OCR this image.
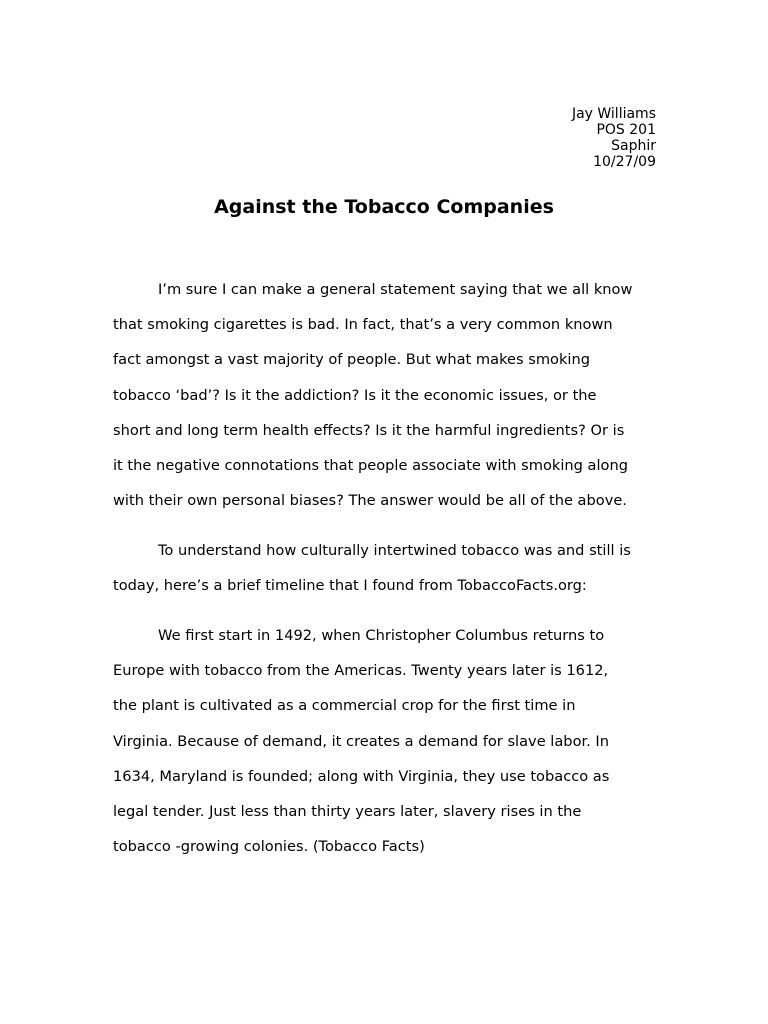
Jay Williams
POS 201
Saphir
10/27/09
Against the Tobacco Companies
I’m sure I can make a general statement saying that we all know
that smoking cigarettes is bad. In fact, that’s a very common known
fact amongst a vast majority of people. But what makes smoking
tobacco ‘bad’? Is it the addiction? Is it the economic issues, or the
short and long term health effects? Is it the harmful ingredients? Or is
it the negative connotations that people associate with smoking along
with their own personal biases? The answer would be all of the above.
To understand how culturally intertwined tobacco was and still is
today, here’s a brief timeline that I found from TobaccoFacts.org:
We first start in 1492, when Christopher Columbus returns to
Europe with tobacco from the Americas. Twenty years later is 1612,
the plant is cultivated as a commercial crop for the first time in
Virginia. Because of demand, it creates a demand for slave labor. In
1634, Maryland is founded; along with Virginia, they use tobacco as
legal tender. Just less than thirty years later, slavery rises in the
tobacco -growing colonies. (Tobacco Facts)
